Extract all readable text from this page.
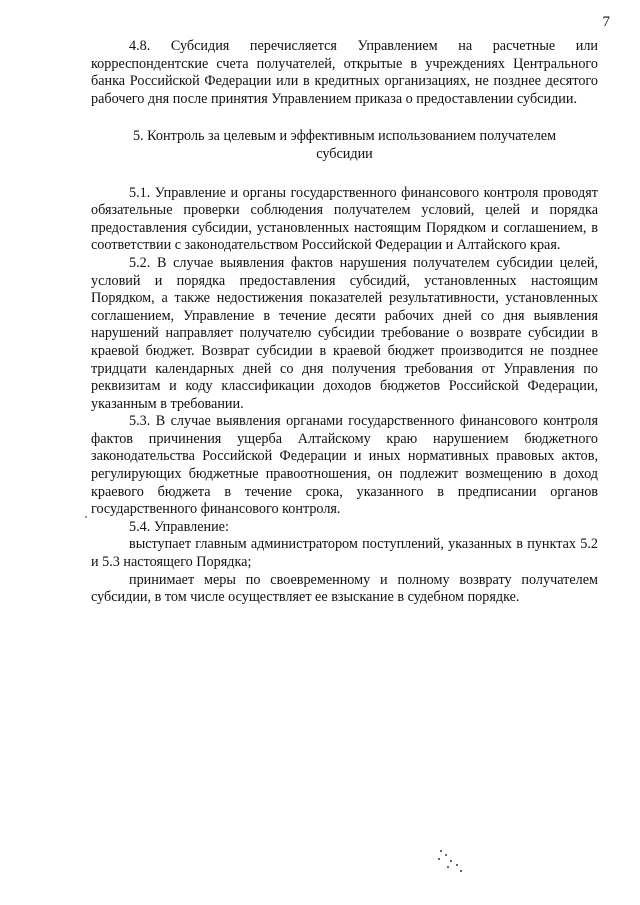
7

4.8. Субсидия перечисляется Управлением на расчетные или корреспондентские счета получателей, открытые в учреждениях Центрального банка Российской Федерации или в кредитных организациях, не позднее десятого рабочего дня после принятия Управлением приказа о предоставлении субсидии.

5. Контроль за целевым и эффективным использованием получателем субсидии

5.1. Управление и органы государственного финансового контроля проводят обязательные проверки соблюдения получателем условий, целей и порядка предоставления субсидии, установленных настоящим Порядком и соглашением, в соответствии с законодательством Российской Федерации и Алтайского края.

5.2. В случае выявления фактов нарушения получателем субсидии целей, условий и порядка предоставления субсидий, установленных настоящим Порядком, а также недостижения показателей результативности, установленных соглашением, Управление в течение десяти рабочих дней со дня выявления нарушений направляет получателю субсидии требование о возврате субсидии в краевой бюджет. Возврат субсидии в краевой бюджет производится не позднее тридцати календарных дней со дня получения требования от Управления по реквизитам и коду классификации доходов бюджетов Российской Федерации, указанным в требовании.

5.3. В случае выявления органами государственного финансового контроля фактов причинения ущерба Алтайскому краю нарушением бюджетного законодательства Российской Федерации и иных нормативных правовых актов, регулирующих бюджетные правоотношения, он подлежит возмещению в доход краевого бюджета в течение срока, указанного в предписании органов государственного финансового контроля.

5.4. Управление:

выступает главным администратором поступлений, указанных в пунктах 5.2 и 5.3 настоящего Порядка;

принимает меры по своевременному и полному возврату получателем субсидии, в том числе осуществляет ее взыскание в судебном порядке.
